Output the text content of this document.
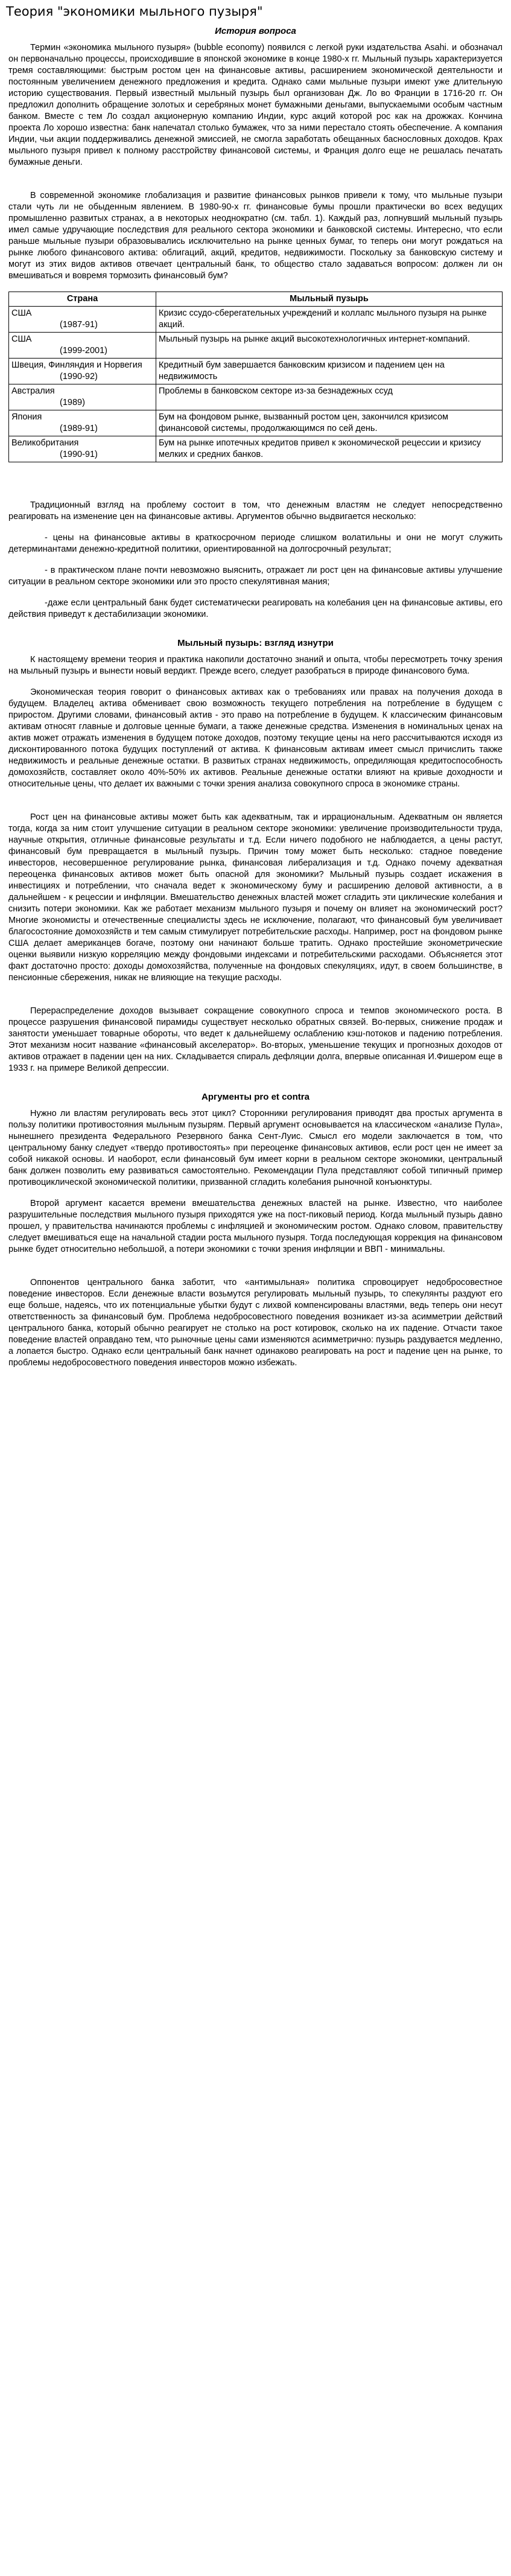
Теория "экономики мыльного пузыря"
История вопроса

Термин «экономика мыльного пузыря» (bubble economy) появился с легкой руки издательства Asahi. и обозначал он первоначально процессы, происходившие в японской экономике в конце 1980-х гг. Мыльный пузырь характеризуется тремя составляющими: быстрым ростом цен на финансовые активы, расширением экономической деятельности и постоянным увеличением денежного предложения и кредита. Однако сами мыльные пузыри имеют уже длительную историю существования. Первый известный мыльный пузырь был организован Дж. Ло во Франции в 1716-20 гг. Он предложил дополнить обращение золотых и серебряных монет бумажными деньгами, выпускаемыми особым частным банком. Вместе с тем Ло создал акционерную компанию Индии, курс акций которой рос как на дрожжах. Кончина проекта Ло хорошо известна: банк напечатал столько бумажек, что за ними перестало стоять обеспечение. А компания Индии, чьи акции поддерживались денежной эмиссией, не смогла заработать обещанных баснословных доходов. Крах мыльного пузыря привел к полному расстройству финансовой системы, и Франция долго еще не решалась печатать бумажные деньги.

В современной экономике глобализация и развитие финансовых рынков привели к тому, что мыльные пузыри стали чуть ли не обыденным явлением. В 1980-90-х гг. финансовые бумы прошли практически во всех ведущих промышленно развитых странах, а в некоторых неоднократно (см. табл. 1). Каждый раз, лопнувший мыльный пузырь имел самые удручающие последствия для реального сектора экономики и банковской системы. Интересно, что если раньше мыльные пузыри образовывались исключительно на рынке ценных бумаг, то теперь они могут рождаться на рынке любого финансового актива: облигаций, акций, кредитов, недвижимости. Поскольку за банковскую систему и могут из этих видов активов отвечает центральный банк, то общество стало задаваться вопросом: должен ли он вмешиваться и вовремя тормозить финансовый бум?

Страна	Мыльный пузырь

США
(1987-91)	Кризис ссудо-сберегательных учреждений и коллапс мыльного пузыря на рынке акций.

США
(1999-2001)	Мыльный пузырь на рынке акций высокотехнологичных интернет-компаний.

Швеция, Финляндия и Норвегия
(1990-92)	Кредитный бум завершается банковским кризисом и падением цен на недвижимость

Австралия
(1989)	Проблемы в банковском секторе из-за безнадежных ссуд

Япония
(1989-91)	Бум на фондовом рынке, вызванный ростом цен, закончился кризисом финансовой системы, продолжающимся по сей день.

Великобритания
(1990-91)	Бум на рынке ипотечных кредитов привел к экономической рецессии и кризису мелких и средних банков.

Традиционный взгляд на проблему состоит в том, что денежным властям не следует непосредственно реагировать на изменение цен на финансовые активы. Аргументов обычно выдвигается несколько:

- цены на финансовые активы в краткосрочном периоде слишком волатильны и они не могут служить детерминантами денежно-кредитной политики, ориентированной на долгосрочный результат;
- в практическом плане почти невозможно выяснить, отражает ли рост цен на финансовые активы улучшение ситуации в реальном секторе экономики или это просто спекулятивная мания;
-даже если центральный банк будет систематически реагировать на колебания цен на финансовые активы, его действия приведут к дестабилизации экономики.
Мыльный пузырь: взгляд изнутри

К настоящему времени теория и практика накопили достаточно знаний и опыта, чтобы пересмотреть точку зрения на мыльный пузырь и вынести новый вердикт. Прежде всего, следует разобраться в природе финансового бума.

Экономическая теория говорит о финансовых активах как о требованиях или правах на получения дохода в будущем. Владелец актива обменивает свою возможность текущего потребления на потребление в будущем с приростом. Другими словами, финансовый актив - это право на потребление в будущем. К классическим финансовым активам относят главные и долговые ценные бумаги, а также денежные средства. Изменения в номинальных ценах на актив может отражать изменения в будущем потоке доходов, поэтому текущие цены на него рассчитываются исходя из дисконтированного потока будущих поступлений от актива. К финансовым активам имеет смысл причислить также недвижимость и реальные денежные остатки. В развитых странах недвижимость, опредиляющая кредитоспособность домохозяйств, составляет около 40%-50% их активов. Реальные денежные остатки влияют на кривые доходности и относительные цены, что делает их важными с точки зрения анализа совокупного спроса в экономике страны.

Рост цен на финансовые активы может быть как адекватным, так и иррациональным. Адекватным он является тогда, когда за ним стоит улучшение ситуации в реальном секторе экономики: увеличение производительности труда, научные открытия, отличные финансовые результаты и т.д. Если ничего подобного не наблюдается, а цены растут, финансовый бум превращается в мыльный пузырь. Причин тому может быть несколько: стадное поведение инвесторов, несовершенное регулирование рынка, финансовая либерализация и т.д. Однако почему адекватная переоценка финансовых активов может быть опасной для экономики? Мыльный пузырь создает искажения в инвестициях и потреблении, что сначала ведет к экономическому буму и расширению деловой активности, а в дальнейшем - к рецессии и инфляции. Вмешательство денежных властей может сгладить эти циклические колебания и снизить потери экономики. Как же работает механизм мыльного пузыря и почему он влияет на экономический рост? Многие экономисты и отечественные специалисты здесь не исключение, полагают, что финансовый бум увеличивает благосостояние домохозяйств и тем самым стимулирует потребительские расходы. Например, рост на фондовом рынке США делает американцев богаче, поэтому они начинают больше тратить. Однако простейшие эконометрические оценки выявили низкую корреляцию между фондовыми индексами и потребительскими расходами. Объясняется этот факт достаточно просто: доходы домохозяйства, полученные на фондовых спекуляциях, идут, в своем большинстве, в пенсионные сбережения, никак не влияющие на текущие расходы.

Перераспределение доходов вызывает сокращение совокупного спроса и темпов экономического роста. В процессе разрушения финансовой пирамиды существует несколько обратных связей. Во-первых, снижение продаж и занятости уменьшает товарные обороты, что ведет к дальнейшему ослаблению кэш-потоков и падению потребления. Этот механизм носит название «финансовый акселератор». Во-вторых, уменьшение текущих и прогнозных доходов от активов отражает в падении цен на них. Складывается спираль дефляции долга, впервые описанная И.Фишером еще в 1933 г. на примере Великой депрессии.

Аргументы pro et contra

Нужно ли властям регулировать весь этот цикл? Сторонники регулирования приводят два простых аргумента в пользу политики противостояния мыльным пузырям. Первый аргумент основывается на классическом «анализе Пула», нынешнего президента Федерального Резервного банка Сент-Луис. Смысл его модели заключается в том, что центральному банку следует «твердо противостоять» при переоценке финансовых активов, если рост цен не имеет за собой никакой основы. И наоборот, если финансовый бум имеет корни в реальном секторе экономики, центральный банк должен позволить ему развиваться самостоятельно. Рекомендации Пула представляют собой типичный пример противоциклической экономической политики, призванной сгладить колебания рыночной конъюнктуры.

Второй аргумент касается времени вмешательства денежных властей на рынке. Известно, что наиболее разрушительные последствия мыльного пузыря приходятся уже на пост-пиковый период. Когда мыльный пузырь давно прошел, у правительства начинаются проблемы с инфляцией и экономическим ростом. Однако словом, правительству следует вмешиваться еще на начальной стадии роста мыльного пузыря. Тогда последующая коррекция на финансовом рынке будет относительно небольшой, а потери экономики с точки зрения инфляции и ВВП - минимальны.

Оппонентов центрального банка заботит, что «антимыльная» политика спровоцирует недобросовестное поведение инвесторов. Если денежные власти возьмутся регулировать мыльный пузырь, то спекулянты раздуют его еще больше, надеясь, что их потенциальные убытки будут с лихвой компенсированы властями, ведь теперь они несут ответственность за финансовый бум. Проблема недобросовестного поведения возникает из-за асимметрии действий центрального банка, который обычно реагирует не столько на рост котировок, сколько на их падение. Отчасти такое поведение властей оправдано тем, что рыночные цены сами изменяются асимметрично: пузырь раздувается медленно, а лопается быстро. Однако если центральный банк начнет одинаково реагировать на рост и падение цен на рынке, то проблемы недобросовестного поведения инвесторов можно избежать.
